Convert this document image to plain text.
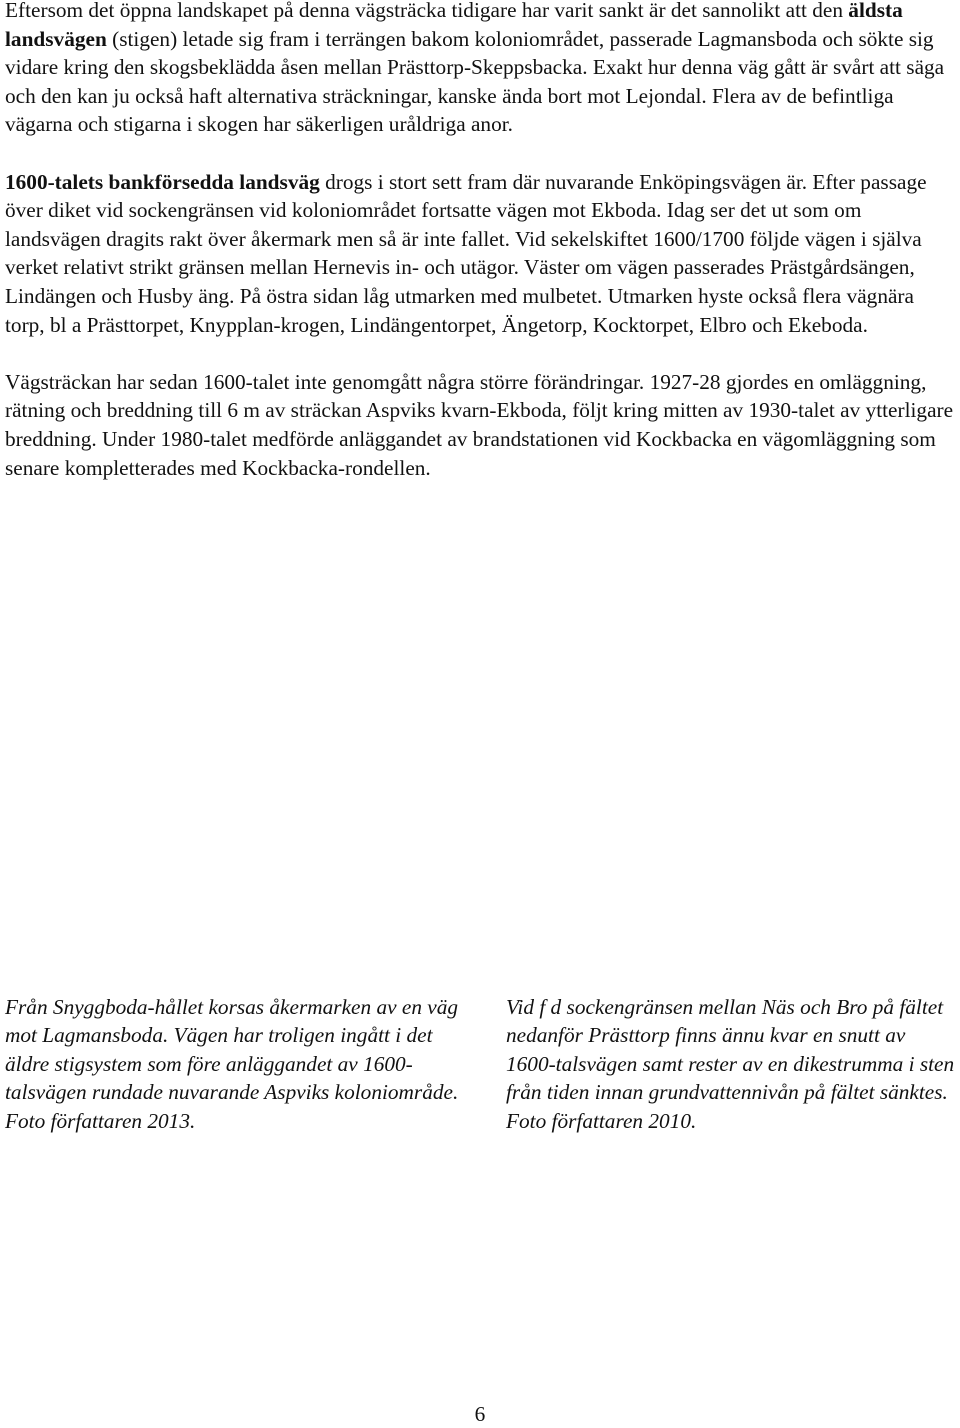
Eftersom det öppna landskapet på denna vägsträcka tidigare har varit sankt är det sannolikt att den äldsta landsvägen (stigen) letade sig fram i terrängen bakom koloniområdet, passerade Lagmansboda och sökte sig vidare kring den skogsbeklädda åsen mellan Prästtorp-Skeppsbacka. Exakt hur denna väg gått är svårt att säga och den kan ju också haft alternativa sträckningar, kanske ända bort mot Lejondal. Flera av de befintliga vägarna och stigarna i skogen har säkerligen uråldriga anor.

1600-talets bankförsedda landsväg drogs i stort sett fram där nuvarande Enköpingsvägen är. Efter passage över diket vid sockengränsen vid koloniområdet fortsatte vägen mot Ekboda. Idag ser det ut som om landsvägen dragits rakt över åkermark men så är inte fallet. Vid sekelskiftet 1600/1700 följde vägen i själva verket relativt strikt gränsen mellan Hernevis in- och utägor. Väster om vägen passerades Prästgårdsängen, Lindängen och Husby äng. På östra sidan låg utmarken med mulbetet. Utmarken hyste också flera vägnära torp, bl a Prästtorpet, Knypplan-krogen, Lindängentorpet, Ängetorp, Kocktorpet, Elbro och Ekeboda.

Vägsträckan har sedan 1600-talet inte genomgått några större förändringar. 1927-28 gjordes en omläggning, rätning och breddning till 6 m av sträckan Aspviks kvarn-Ekboda, följt kring mitten av 1930-talet av ytterligare breddning. Under 1980-talet medförde anläggandet av brandstationen vid Kockbacka en vägomläggning som senare kompletterades med Kockbacka-rondellen.

Från Snyggboda-hållet korsas åkermarken av en väg mot Lagmansboda. Vägen har troligen ingått i det äldre stigsystem som före anläggandet av 1600-talsvägen rundade nuvarande Aspviks koloniområde. Foto författaren 2013.

Vid f d sockengränsen mellan Näs och Bro på fältet nedanför Prästtorp finns ännu kvar en snutt av 1600-talsvägen samt rester av en dikestrumma i sten från tiden innan grundvattennivån på fältet sänktes. Foto författaren 2010.

6
